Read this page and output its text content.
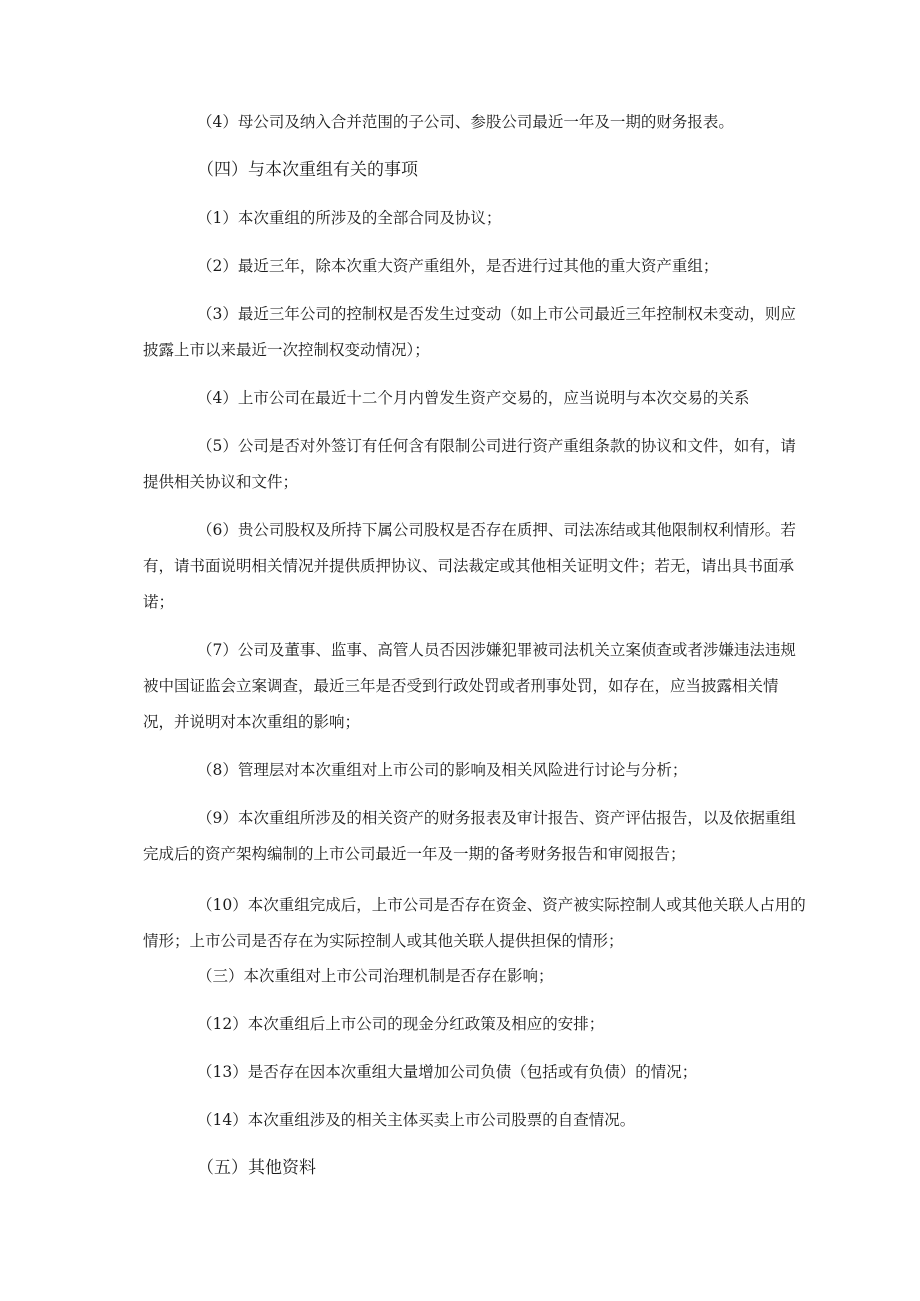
（4）母公司及纳入合并范围的子公司、参股公司最近一年及一期的财务报表。

（四）与本次重组有关的事项

（1）本次重组的所涉及的全部合同及协议；

（2）最近三年，除本次重大资产重组外，是否进行过其他的重大资产重组；

（3）最近三年公司的控制权是否发生过变动（如上市公司最近三年控制权未变动，则应披露上市以来最近一次控制权变动情况）；

（4）上市公司在最近十二个月内曾发生资产交易的，应当说明与本次交易的关系

（5）公司是否对外签订有任何含有限制公司进行资产重组条款的协议和文件，如有，请提供相关协议和文件；

（6）贵公司股权及所持下属公司股权是否存在质押、司法冻结或其他限制权利情形。若有，请书面说明相关情况并提供质押协议、司法裁定或其他相关证明文件；若无，请出具书面承诺；

（7）公司及董事、监事、高管人员否因涉嫌犯罪被司法机关立案侦查或者涉嫌违法违规被中国证监会立案调查，最近三年是否受到行政处罚或者刑事处罚，如存在，应当披露相关情况，并说明对本次重组的影响；

（8）管理层对本次重组对上市公司的影响及相关风险进行讨论与分析；

（9）本次重组所涉及的相关资产的财务报表及审计报告、资产评估报告，以及依据重组完成后的资产架构编制的上市公司最近一年及一期的备考财务报告和审阅报告；

（10）本次重组完成后，上市公司是否存在资金、资产被实际控制人或其他关联人占用的情形；上市公司是否存在为实际控制人或其他关联人提供担保的情形；

（三）本次重组对上市公司治理机制是否存在影响；

（12）本次重组后上市公司的现金分红政策及相应的安排；

（13）是否存在因本次重组大量增加公司负债（包括或有负债）的情况；

（14）本次重组涉及的相关主体买卖上市公司股票的自查情况。

（五）其他资料
